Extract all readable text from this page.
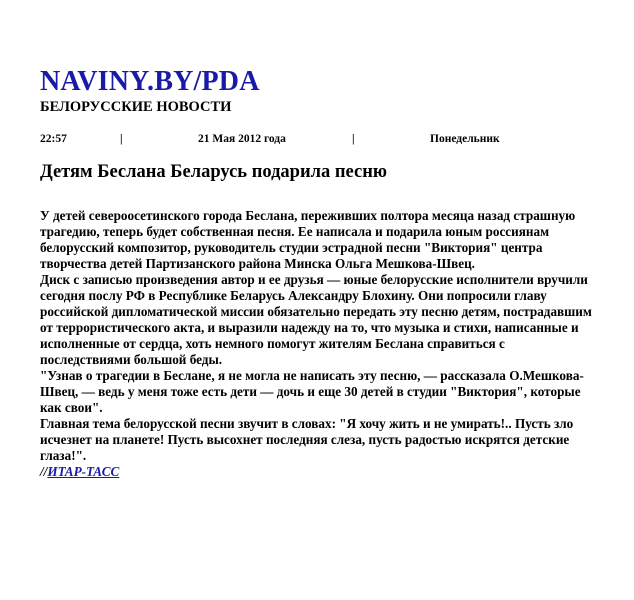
NAVINY.BY/PDA
БЕЛОРУССКИЕ НОВОСТИ
22:57	|	21 Мая 2012 года	|	Понедельник
Детям Беслана Беларусь подарила песню

У детей североосетинского города Беслана, переживших полтора месяца назад страшную трагедию, теперь будет собственная песня. Ее написала и подарила юным россиянам белорусский композитор, руководитель студии эстрадной песни "Виктория" центра творчества детей Партизанского района Минска Ольга Мешкова-Швец.

Диск с записью произведения автор и ее друзья — юные белорусские исполнители вручили сегодня послу РФ в Республике Беларусь Александру Блохину. Они попросили главу российской дипломатической миссии обязательно передать эту песню детям, пострадавшим от террористического акта, и выразили надежду на то, что музыка и стихи, написанные и исполненные от сердца, хоть немного помогут жителям Беслана справиться с последствиями большой беды.

"Узнав о трагедии в Беслане, я не могла не написать эту песню, — рассказала О.Мешкова-Швец, — ведь у меня тоже есть дети — дочь и еще 30 детей в студии "Виктория", которые как свои".

Главная тема белорусской песни звучит в словах: "Я хочу жить и не умирать!.. Пусть зло исчезнет на планете! Пусть высохнет последняя слеза, пусть радостью искрятся детские глаза!".

//ИТАР-ТАСС
